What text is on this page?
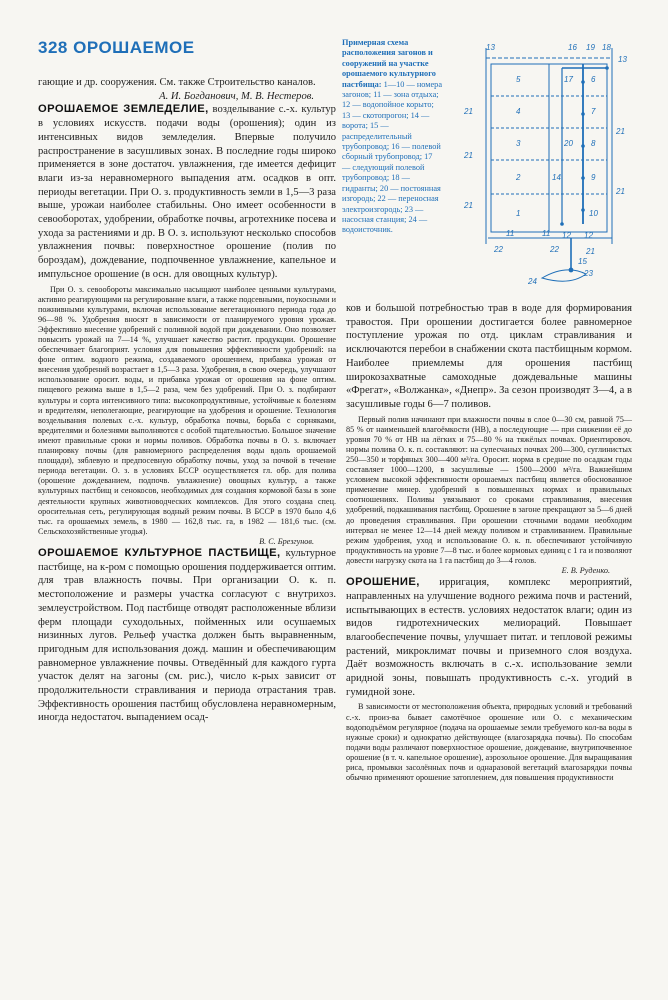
328 ОРОШАЕМОЕ

гающие и др. сооружения. См. также Строительство каналов.

А. И. Богданович, М. В. Нестеров.

ОРОШАЕМОЕ ЗЕМЛЕДЕЛИЕ, возделывание с.-х. культур в условиях искусств. подачи воды (орошения); один из интенсивных видов земледелия. Впервые получило распространение в засушливых зонах. В последние годы широко применяется в зоне достаточ. увлажнения, где имеется дефицит влаги из-за неравномерного выпадения атм. осадков в опт. периоды вегетации. При О. з. продуктивность земли в 1,5—3 раза выше, урожаи наиболее стабильны. Оно имеет особенности в севооборотах, удобрении, обработке почвы, агротехнике посева и ухода за растениями и др. В О. з. используют несколько способов увлажнения почвы: поверхностное орошение (полив по бороздам), дождевание, подпочвенное увлажнение, капельное и импульсное орошение (в осн. для овощных культур).

При О. з. севообороты максимально насыщают наиболее ценными культурами, активно реагирующими на регулирование влаги, а также подсевными, поукосными и пожнивными культурами, включая использование вегетационного периода года до 96—98 %. Удобрения вносят в зависимости от планируемого уровня урожая. Эффективно внесение удобрений с поливной водой при дождевании. Оно позволяет повысить урожай на 7—14 %, улучшает качество растит. продукции. Орошение обеспечивает благоприят. условия для повышения эффективности удобрений: на фоне оптим. водного режима, создаваемого орошением, прибавка урожая от внесения удобрений возрастает в 1,5—3 раза. Удобрения, в свою очередь, улучшают использование ороcит. воды, и прибавка урожая от орошения на фоне оптим. пищевого режима выше в 1,5—2 раза, чем без удобрений. При О. з. подбирают культуры и сорта интенсивного типа: высокопродуктивные, устойчивые к болезням и вредителям, неполегающие, реагирующие на удобрения и орошение. Технология возделывания полевых с.-х. культур, обработка почвы, борьба с сорняками, вредителями и болезнями выполняются с особой тщательностью. Большое значение имеют правильные сроки и нормы поливов. Обработка почвы в О. з. включает планировку почвы (для равномерного распределения воды вдоль орошаемой площади), зяблевую и предпосевную обработку почвы, уход за почвой в течение периода вегетации. О. з. в условиях БССР осуществляется гл. обр. для полива (орошение дождеванием, подпочв. увлажнение) овощных культур, а также культурных пастбищ и сенокосов, необходимых для создания кормовой базы в зоне деятельности крупных животноводческих комплексов. Для этого создана спец. оросительная сеть, регулирующая водный режим почвы. В БССР в 1970 было 4,6 тыс. га орошаемых земель, в 1980 — 162,8 тыс. га, в 1982 — 181,6 тыс. (см. Сельскохозяйственные угодья).

В. С. Брезгунов.

ОРОШАЕМОЕ КУЛЬТУРНОЕ ПАСТБИЩЕ, культурное пастбище, на к-ром с помощью орошения поддерживается оптим. для трав влажность почвы. При организации О. к. п. местоположение и размеры участка согласуют с внутрихоз. землеустройством. Под пастбище отводят расположенные вблизи ферм площади суходольных, пойменных или осушаемых низинных лугов. Рельеф участка должен быть выравненным, пригодным для использования дожд. машин и обеспечивающим равномерное увлажнение почвы. Отведённый для каждого гурта участок делят на загоны (см. рис.), число к-рых зависит от продолжительности стравливания и периода отрастания трав. Эффективность орошения пастбищ обусловлена неравномерным, иногда недостаточ. выпадением осад-

ков и большой потребностью трав в воде для формирования травостоя. При орошении достигается более равномерное поступление урожая по отд. циклам стравливания и исключаются перебои в снабжении скота пастбищным кормом. Наиболее приемлемы для орошения пастбищ широкозахватные самоходные дождевальные машины «Фрегат», «Волжанка», «Днепр». За сезон производят 3—4, а в засушливые годы 6—7 поливов.

Первый полив начинают при влажности почвы в слое 0—30 см, равной 75—85 % от наименьшей влагоёмкости (НВ), а последующие — при снижении её до уровня 70 % от НВ на лёгких и 75—80 % на тяжёлых почвах. Ориентировоч. нормы полива О. к. п. составляют: на супесчаных почвах 200—300, суглинистых 250—350 и торфяных 300—400 м³/га. Оросит. норма в средние по осадкам годы составляет 1000—1200, в засушливые — 1500—2000 м³/га. Важнейшим условием высокой эффективности орошаемых пастбищ является обоснованное применение минер. удобрений в повышенных нормах и правильных соотношениях. Поливы увязывают со сроками стравливания, внесения удобрений, подкашивания пастбищ. Орошение в загоне прекращают за 5—6 дней до проведения стравливания. При орошении сточными водами необходим интервал не менее 12—14 дней между поливом и стравливанием. Правильные режим удобрения, уход и использование О. к. п. обеспечивают устойчивую продуктивность на уровне 7—8 тыс. и более кормовых единиц с 1 га и позволяют довести нагрузку скота на 1 га пастбищ до 3—4 голов.

Е. В. Руденко.

ОРОШЕНИЕ, ирригация, комплекс мероприятий, направленных на улучшение водного режима почв и растений, испытывающих в естеств. условиях недостаток влаги; один из видов гидротехнических мелиораций. Повышает влагообеспечение почвы, улучшает питат. и тепловой режимы растений, микроклимат почвы и приземного слоя воздуха. Даёт возможность включать в с.-х. использование земли аридной зоны, повышать продуктивность с.-х. угодий в гумидной зоне.

В зависимости от местоположения объекта, природных условий и требований с.-х. произ-ва бывает самотёчное орошение или О. с механическим водоподъёмом регулярное (подача на орошаемые земли требуемого кол-ва воды в нужные сроки) и однократно действующее (влагозарядка почвы). По способам подачи воды различают поверхностное орошение, дождевание, внутрипочвенное орошение (в т. ч. капельное орошение), аэрозольное орошение. Для выращивания риса, промывки засолённых почв и однаразовой вегетаций влагозарядки почвы обычно применяют орошение затоплением, для повышения продуктивности

Примерная схема расположения загонов и сооружений на участке орошаемого культурного пастбища: 1—10 — номера загонов; 11 — зона отдыха; 12 — водопойное корыто; 13 — скотопрогон; 14 — ворота; 15 — распределительный трубопровод; 16 — полевой сборный трубопровод; 17 — следующий полевой трубопровод; 18 — гидранты; 20 — постоянная изгородь; 22 — переносная электроизгородь; 23 — насосная станция; 24 — водоисточник.
13	16 19 18
13
21
21
21
21
21
21
5
4
3
2
1
6
7
8
9
10
17
20
14
12
11	11
22	22
24
15
23
12
